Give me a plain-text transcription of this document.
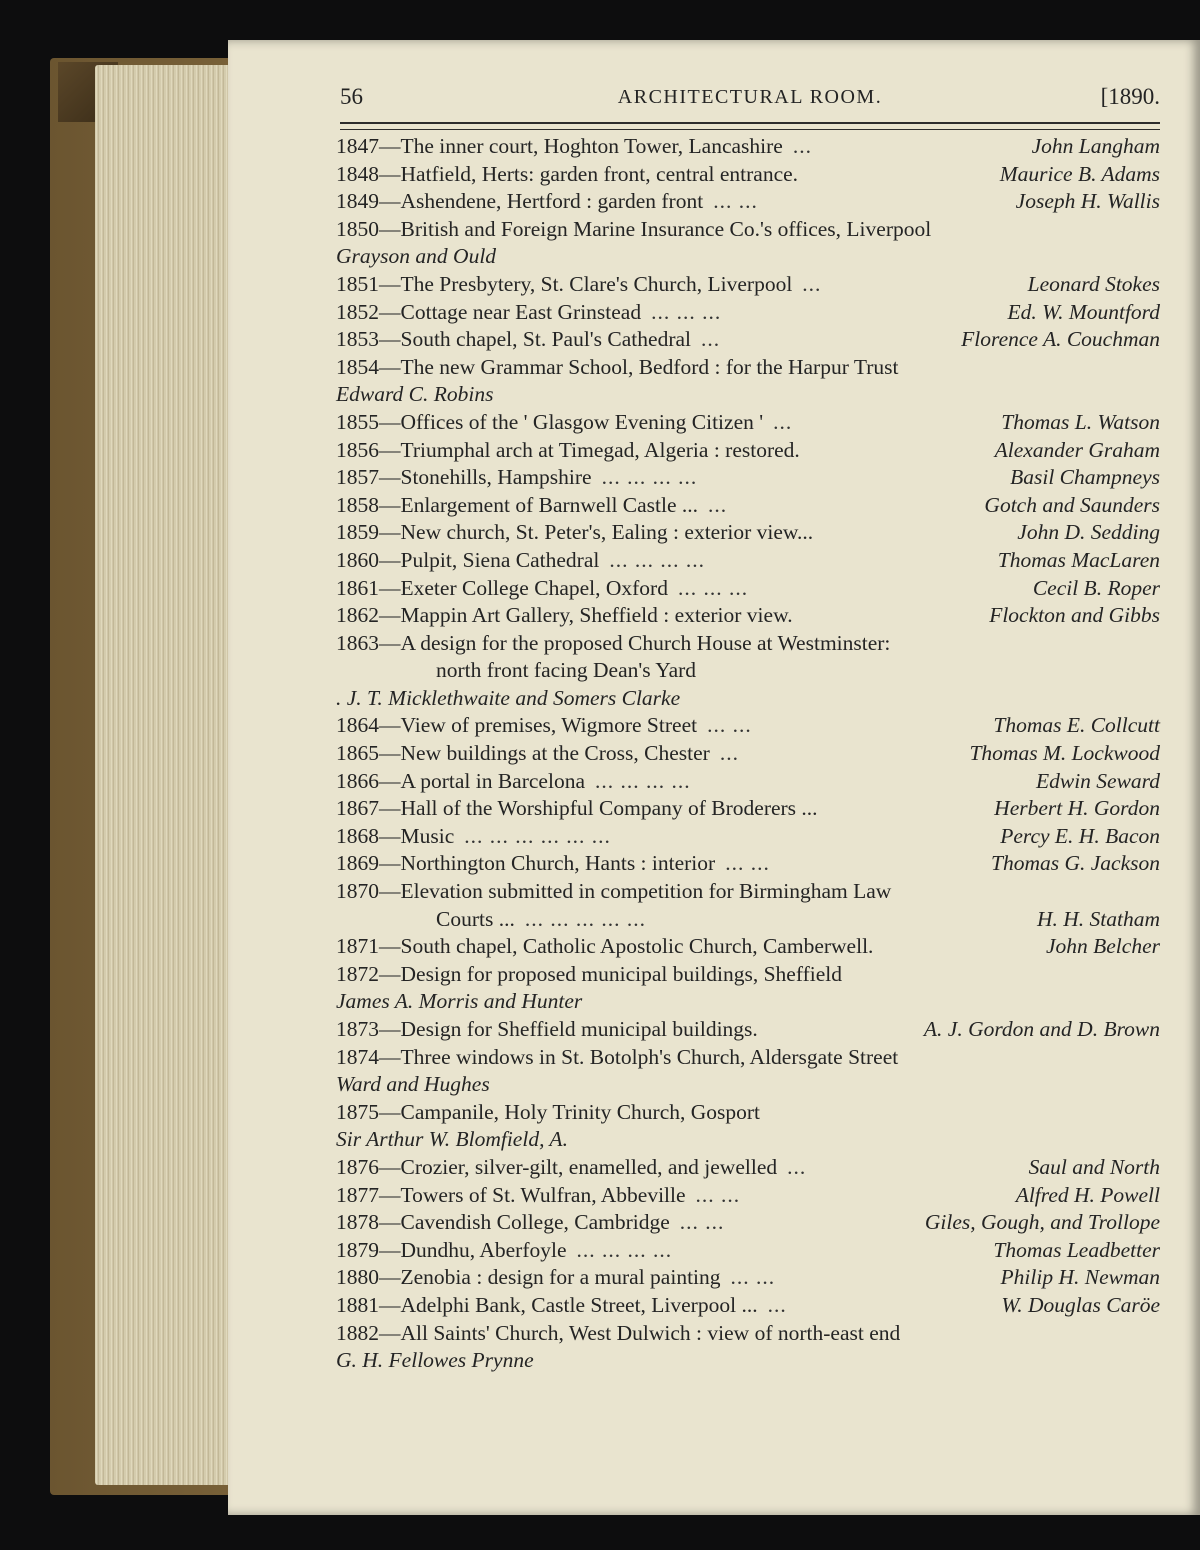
56	ARCHITECTURAL ROOM.	[1890.
1847 —The inner court, Hoghton Tower, Lancashire ...	John Langham
1848 —Hatfield, Herts: garden front, central entrance.	Maurice B. Adams
1849 —Ashendene, Hertford : garden front ... ...	Joseph H. Wallis
1850 —British and Foreign Marine Insurance Co.'s offices, Liverpool
Grayson and Ould
1851 —The Presbytery, St. Clare's Church, Liverpool ...	Leonard Stokes
1852 —Cottage near East Grinstead ... ... ...	Ed. W. Mountford
1853 —South chapel, St. Paul's Cathedral ...	Florence A. Couchman
1854 —The new Grammar School, Bedford : for the Harpur Trust
Edward C. Robins
1855 —Offices of the ' Glasgow Evening Citizen ' ...	Thomas L. Watson
1856 —Triumphal arch at Timegad, Algeria : restored.	Alexander Graham
1857 —Stonehills, Hampshire ... ... ... ...	Basil Champneys
1858 —Enlargement of Barnwell Castle ... ...	Gotch and Saunders
1859 —New church, St. Peter's, Ealing : exterior view...	John D. Sedding
1860 —Pulpit, Siena Cathedral ... ... ... ...	Thomas MacLaren
1861 —Exeter College Chapel, Oxford ... ... ...	Cecil B. Roper
1862 —Mappin Art Gallery, Sheffield : exterior view.	Flockton and Gibbs
1863 —A design for the proposed Church House at Westminster:
north front facing Dean's Yard
. J. T. Micklethwaite and Somers Clarke
1864 —View of premises, Wigmore Street ... ...	Thomas E. Collcutt
1865 —New buildings at the Cross, Chester ...	Thomas M. Lockwood
1866 —A portal in Barcelona ... ... ... ...	Edwin Seward
1867 —Hall of the Worshipful Company of Broderers ...	Herbert H. Gordon
1868 —Music ... ... ... ... ... ...	Percy E. H. Bacon
1869 —Northington Church, Hants : interior ... ...	Thomas G. Jackson
1870 —Elevation submitted in competition for Birmingham Law
Courts ... ... ... ... ... ...	H. H. Statham
1871 —South chapel, Catholic Apostolic Church, Camberwell.	John Belcher
1872 —Design for proposed municipal buildings, Sheffield
James A. Morris and Hunter
1873 —Design for Sheffield municipal buildings.	A. J. Gordon and D. Brown
1874 —Three windows in St. Botolph's Church, Aldersgate Street
Ward and Hughes
1875 —Campanile, Holy Trinity Church, Gosport
Sir Arthur W. Blomfield, A.
1876 —Crozier, silver-gilt, enamelled, and jewelled ...	Saul and North
1877 —Towers of St. Wulfran, Abbeville ... ...	Alfred H. Powell
1878 —Cavendish College, Cambridge ... ...	Giles, Gough, and Trollope
1879 —Dundhu, Aberfoyle ... ... ... ...	Thomas Leadbetter
1880 —Zenobia : design for a mural painting ... ...	Philip H. Newman
1881 —Adelphi Bank, Castle Street, Liverpool ... ...	W. Douglas Caröe
1882 —All Saints' Church, West Dulwich : view of north-east end
G. H. Fellowes Prynne
